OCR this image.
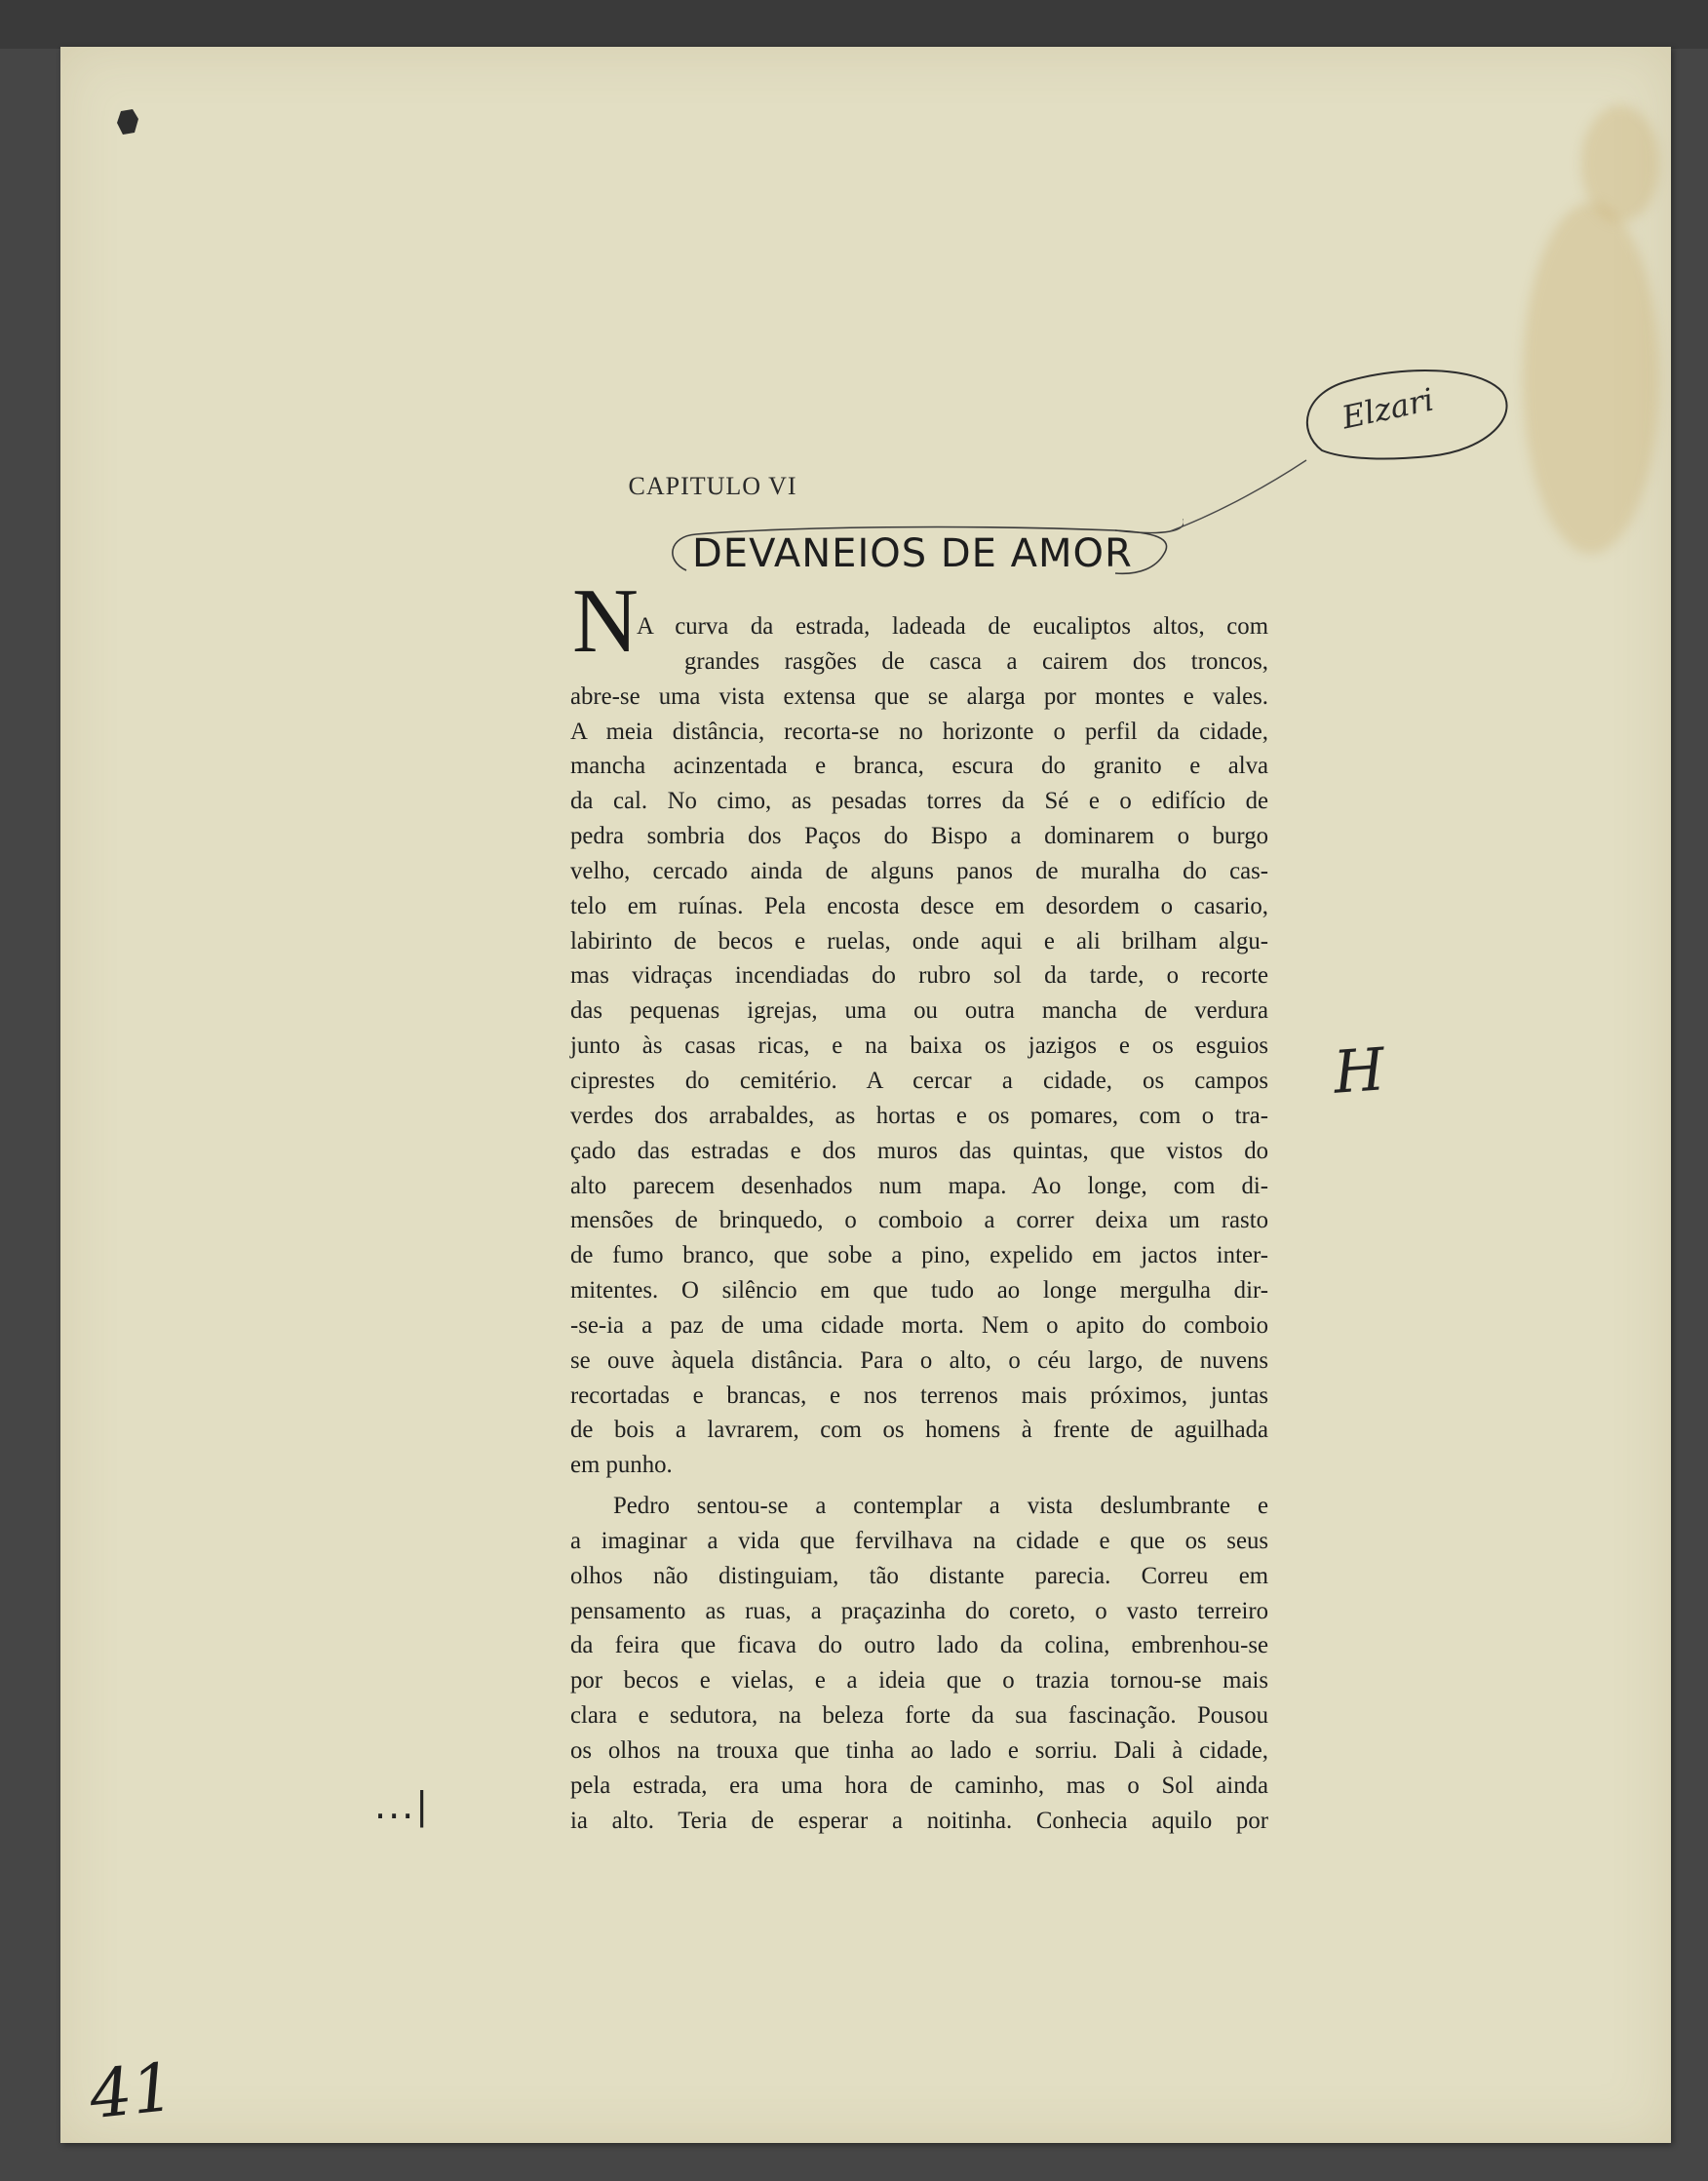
CAPITULO VI
DEVANEIOS DE AMOR
Elzari
N
A curva da estrada, ladeada de eucaliptos altos, com
grandes rasgões de casca a cairem dos troncos,
abre-se uma vista extensa que se alarga por montes e vales.
A meia distância, recorta-se no horizonte o perfil da cidade,
mancha acinzentada e branca, escura do granito e alva
da cal. No cimo, as pesadas torres da Sé e o edifício de
pedra sombria dos Paços do Bispo a dominarem o burgo
velho, cercado ainda de alguns panos de muralha do cas-
telo em ruínas. Pela encosta desce em desordem o casario,
labirinto de becos e ruelas, onde aqui e ali brilham algu-
mas vidraças incendiadas do rubro sol da tarde, o recorte
das pequenas igrejas, uma ou outra mancha de verdura
junto às casas ricas, e na baixa os jazigos e os esguios
ciprestes do cemitério. A cercar a cidade, os campos
verdes dos arrabaldes, as hortas e os pomares, com o tra-
çado das estradas e dos muros das quintas, que vistos do
alto parecem desenhados num mapa. Ao longe, com di-
mensões de brinquedo, o comboio a correr deixa um rasto
de fumo branco, que sobe a pino, expelido em jactos inter-
mitentes. O silêncio em que tudo ao longe mergulha dir-
-se-ia a paz de uma cidade morta. Nem o apito do comboio
se ouve àquela distância. Para o alto, o céu largo, de nuvens
recortadas e brancas, e nos terrenos mais próximos, juntas
de bois a lavrarem, com os homens à frente de aguilhada
em punho.
Pedro sentou-se a contemplar a vista deslumbrante e
a imaginar a vida que fervilhava na cidade e que os seus
olhos não distinguiam, tão distante parecia. Correu em
pensamento as ruas, a praçazinha do coreto, o vasto terreiro
da feira que ficava do outro lado da colina, embrenhou-se
por becos e vielas, e a ideia que o trazia tornou-se mais
clara e sedutora, na beleza forte da sua fascinação. Pousou
os olhos na trouxa que tinha ao lado e sorriu. Dali à cidade,
pela estrada, era uma hora de caminho, mas o Sol ainda
ia alto. Teria de esperar a noitinha. Conhecia aquilo por
H
...|
41
